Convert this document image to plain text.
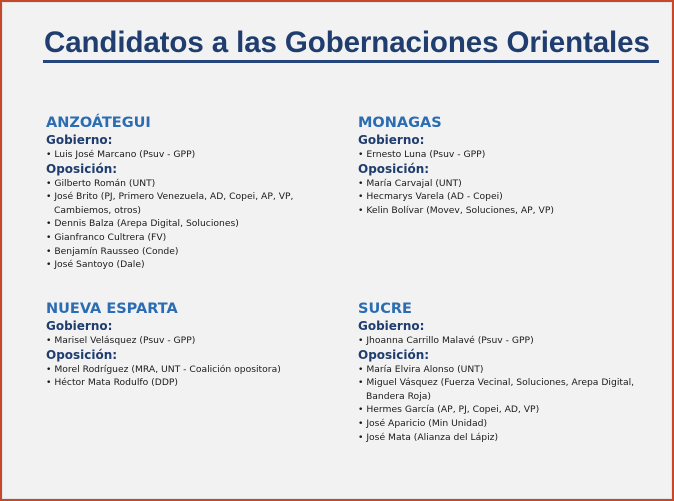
Candidatos a las Gobernaciones Orientales
ANZOÁTEGUI
Gobierno:
• Luis José Marcano (Psuv - GPP)
Oposición:
• Gilberto Román (UNT)
• José Brito (PJ, Primero Venezuela, AD, Copei, AP, VP, Cambiemos, otros)
• Dennis Balza (Arepa Digital, Soluciones)
• Gianfranco Cultrera (FV)
• Benjamín Rausseo (Conde)
• José Santoyo (Dale)
MONAGAS
Gobierno:
• Ernesto Luna (Psuv - GPP)
Oposición:
• María Carvajal (UNT)
• Hecmarys Varela (AD - Copei)
• Kelin Bolívar (Movev, Soluciones, AP, VP)
NUEVA ESPARTA
Gobierno:
• Marisel Velásquez (Psuv - GPP)
Oposición:
• Morel Rodríguez (MRA, UNT - Coalición opositora)
• Héctor Mata Rodulfo (DDP)
SUCRE
Gobierno:
• Jhoanna Carrillo Malavé (Psuv - GPP)
Oposición:
• María Elvira Alonso (UNT)
• Miguel Vásquez (Fuerza Vecinal, Soluciones, Arepa Digital, Bandera Roja)
• Hermes García (AP, PJ, Copei, AD, VP)
• José Aparicio (Min Unidad)
• José Mata (Alianza del Lápiz)
